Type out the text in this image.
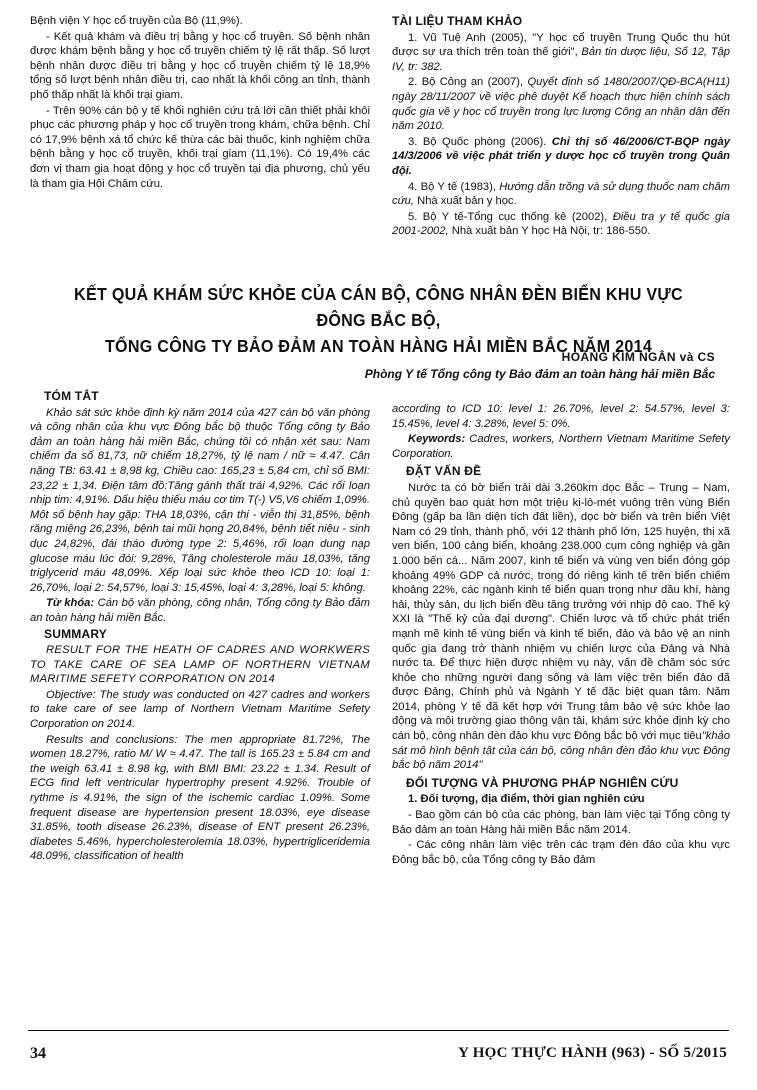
Bệnh viện Y học cổ truyền của Bộ (11,9%).

- Kết quả khám và điều trị bằng y học cổ truyền. Số bệnh nhân được khám bệnh bằng y học cổ truyền chiếm tỷ lệ rất thấp. Số lượt bệnh nhân được điều trị bằng y học cổ truyền chiếm tỷ lệ 18,9% tổng số lượt bệnh nhân điều trị, cao nhất là khối công an tỉnh, thành phố thấp nhất là khối trại giam.

- Trên 90% cán bộ y tế khối nghiên cứu trả lời cần thiết phải khôi phục các phương pháp y học cổ truyền trong khám, chữa bệnh. Chỉ có 17,9% bệnh xá tổ chức kế thừa các bài thuốc, kinh nghiệm chữa bệnh bằng y học cổ truyền, khối trại giam (11,1%). Có 19,4% các đơn vị tham gia hoạt động y học cổ truyền tại địa phương, chủ yếu là tham gia Hội Châm cứu.

TÀI LIỆU THAM KHẢO

1. Vũ Tuệ Anh (2005), "Y học cổ truyền Trung Quốc thu hút được sự ưa thích trên toàn thế giới", Bản tin dược liệu, Số 12, Tập IV, tr: 382.

2. Bộ Công an (2007), Quyết định số 1480/2007/QĐ-BCA(H11) ngày 28/11/2007 về việc phê duyệt Kế hoạch thực hiện chính sách quốc gia về y học cổ truyền trong lực lượng Công an nhân dân đến năm 2010.

3. Bộ Quốc phòng (2006). Chỉ thị số 46/2006/CT-BQP ngày 14/3/2006 về việc phát triển y dược học cổ truyền trong Quân đội.

4. Bộ Y tế (1983), Hướng dẫn trồng và sử dụng thuốc nam chăm cứu, Nhà xuất bản y học.

5. Bộ Y tế-Tổng cục thống kê (2002), Điều tra y tế quốc gia 2001-2002, Nhà xuất bản Y học Hà Nội, tr: 186-550.

KẾT QUẢ KHÁM SỨC KHỎE CỦA CÁN BỘ, CÔNG NHÂN ĐÈN BIỂN KHU VỰC ĐÔNG BẮC BỘ,
TỔNG CÔNG TY BẢO ĐẢM AN TOÀN HÀNG HẢI MIỀN BẮC NĂM 2014
HOÀNG KIM NGÂN và CS
Phòng Y tế Tổng công ty Bảo đảm an toàn hàng hải miền Bắc
TÓM TẮT

Khảo sát sức khỏe định kỳ năm 2014 của 427 cán bộ văn phòng và công nhân của khu vực Đông bắc bộ thuộc Tổng công ty Bảo đảm an toàn hàng hải miền Bắc, chúng tôi có nhận xét sau: Nam chiếm đa số 81,73, nữ chiếm 18,27%, tỷ lệ nam / nữ ≈ 4.47. Cân nặng TB: 63.41 ± 8,98 kg, Chiều cao: 165,23 ± 5,84 cm, chỉ số BMI: 23,22 ± 1,34. Điện tâm đồ:Tăng gánh thất trái 4,92%. Các rối loạn nhịp tim: 4,91%. Dấu hiệu thiếu máu cơ tim T(-) V5,V6 chiếm 1,09%. Một số bệnh hay gặp: THA 18,03%, cận thị - viễn thị 31,85%, bệnh răng miệng 26,23%, bệnh tai mũi họng 20,84%, bệnh tiết niệu - sinh dục 24,82%, đái tháo đường type 2: 5,46%, rối loạn dung nạp glucose máu lúc đói: 9,28%, Tăng cholesterole máu 18,03%, tăng triglycerid máu 48,09%. Xếp loại sức khỏe theo ICD 10: loại 1: 26,70%, loại 2: 54,57%, loại 3: 15,45%, loại 4: 3,28%, loại 5: không.

Từ khóa: Cán bộ văn phòng, công nhân, Tổng công ty Bảo đảm an toàn hàng hải miền Bắc.

SUMMARY

RESULT FOR THE HEATH OF CADRES AND WORKWERS TO TAKE CARE OF SEA LAMP OF NORTHERN VIETNAM MARITIME SEFETY CORPORATION ON 2014

Objective: The study was conducted on 427 cadres and workers to take care of see lamp of Northern Vietnam Maritime Sefety Corporation on 2014.

Results and conclusions: The men appropriate 81.72%, The women 18.27%, ratio M/ W ≈ 4.47. The tall is 165.23 ± 5.84 cm and the weigh 63.41 ± 8.98 kg, with BMI BMI: 23.22 ± 1.34. Result of ECG find left ventricular hypertrophy present 4.92%. Trouble of rythme is 4.91%, the sign of the ischemic cardiac 1.09%. Some frequent disease are hypertension present 18.03%, eye disease 31.85%, tooth disease 26.23%, disease of ENT present 26.23%, diabetes 5.46%, hypercholesterolemia 18.03%, hypertrigliceridemia 48.09%, classification of health

according to ICD 10: level 1: 26.70%, level 2: 54.57%, level 3: 15.45%, level 4: 3.28%, level 5: 0%.

Keywords: Cadres, workers, Northern Vietnam Maritime Sefety Corporation.

ĐẶT VẤN ĐỀ

Nước ta có bờ biển trải dài 3.260km dọc Bắc – Trung – Nam, chủ quyền bao quát hơn một triệu ki-lô-mét vuông trên vùng Biển Đông (gấp ba lần diện tích đất liền), dọc bờ biển và trên biển Việt Nam có 29 tỉnh, thành phố, với 12 thành phố lớn, 125 huyện, thị xã ven biển, 100 cảng biển, khoảng 238.000 cụm công nghiệp và gần 1.000 bến cá... Năm 2007, kinh tế biển và vùng ven biển đóng góp khoảng 49% GDP cả nước, trong đó riêng kinh tế trên biển chiếm khoảng 22%, các ngành kinh tế biển quan trọng như dầu khí, hàng hải, thủy sản, du lịch biển đều tăng trưởng với nhịp độ cao. Thế kỷ XXI là "Thế kỷ của đại dương". Chiến lược và tổ chức phát triển mạnh mẽ kinh tế vùng biển và kinh tế biển, đảo và bảo vệ an ninh quốc gia đang trở thành nhiệm vụ chiến lược của Đảng và Nhà nước ta. Để thực hiện được nhiệm vụ này, vấn đề chăm sóc sức khỏe cho những người đang sống và làm việc trên biển đảo đã được Đảng, Chính phủ và Ngành Y tế đặc biệt quan tâm. Năm 2014, phòng Y tế đã kết hợp với Trung tâm bảo vệ sức khỏe lao động và môi trường giao thông vận tải, khám sức khỏe định kỳ cho cán bộ, công nhân đèn đảo khu vực Đông bắc bộ với mục tiêu"khảo sát mô hình bệnh tật của cán bộ, công nhân đèn đảo khu vực Đông bắc bộ năm 2014"

ĐỐI TƯỢNG VÀ PHƯƠNG PHÁP NGHIÊN CỨU

1. Đối tượng, địa điểm, thời gian nghiên cứu

- Bao gồm cán bộ của các phòng, ban làm việc tại Tổng công ty Bảo đảm an toàn Hàng hải miền Bắc năm 2014.

- Các công nhân làm việc trên các trạm đèn đảo của khu vực Đông bắc bộ, của Tổng công ty Bảo đảm

34	Y HỌC THỰC HÀNH (963) - SỐ 5/2015
